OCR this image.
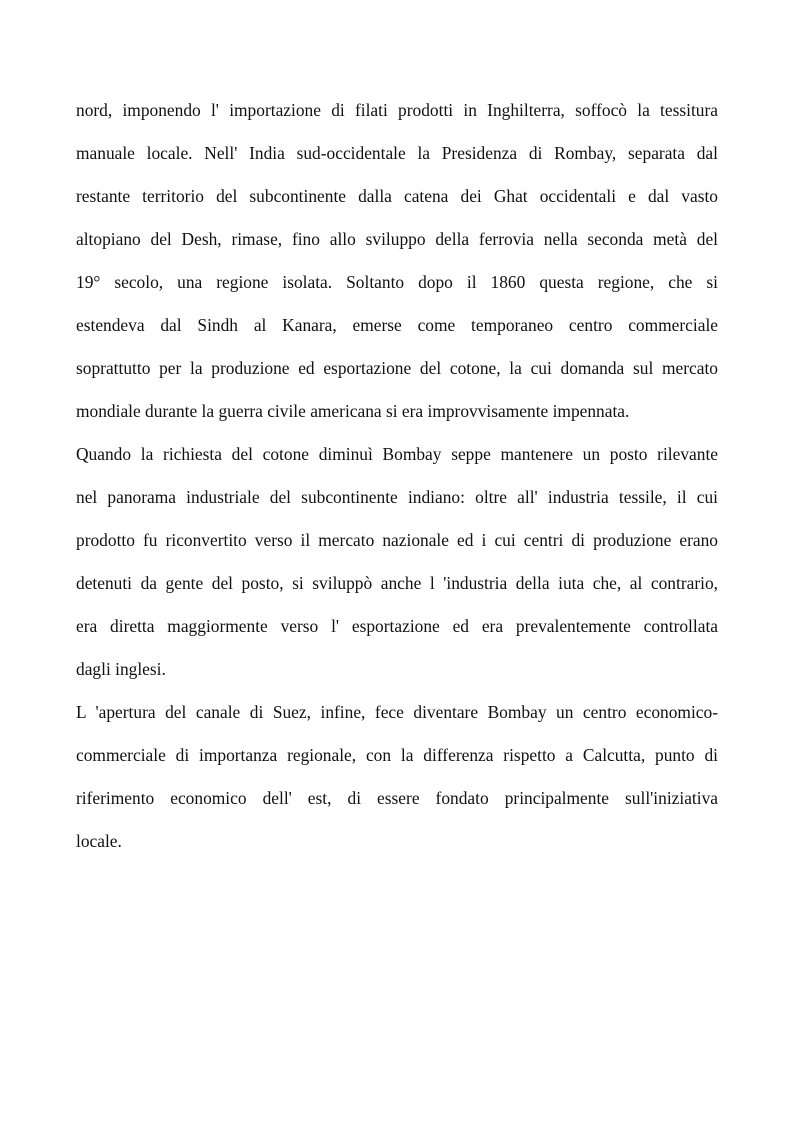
nord, imponendo l' importazione di filati prodotti in Inghilterra, soffocò la tessitura
manuale locale. Nell' India sud-occidentale la Presidenza di Rombay, separata dal
restante territorio del subcontinente dalla catena dei Ghat occidentali e dal vasto
altopiano del Desh, rimase, fino allo sviluppo della ferrovia nella seconda metà del
19° secolo, una regione isolata. Soltanto dopo il 1860 questa regione, che si
estendeva dal Sindh al Kanara, emerse come temporaneo centro commerciale
soprattutto per la produzione ed esportazione del cotone, la cui domanda sul mercato
mondiale durante la guerra civile americana si era improvvisamente impennata.

Quando la richiesta del cotone diminuì Bombay seppe mantenere un posto rilevante
nel panorama industriale del subcontinente indiano: oltre all' industria tessile, il cui
prodotto fu riconvertito verso il mercato nazionale ed i cui centri di produzione erano
detenuti da gente del posto, si sviluppò anche l 'industria della iuta che, al contrario,
era diretta maggiormente verso l' esportazione ed era prevalentemente controllata
dagli inglesi.

L 'apertura del canale di Suez, infine, fece diventare Bombay un centro economico-
commerciale di importanza regionale, con la differenza rispetto a Calcutta, punto di
riferimento economico dell' est, di essere fondato principalmente sull'iniziativa
locale.
